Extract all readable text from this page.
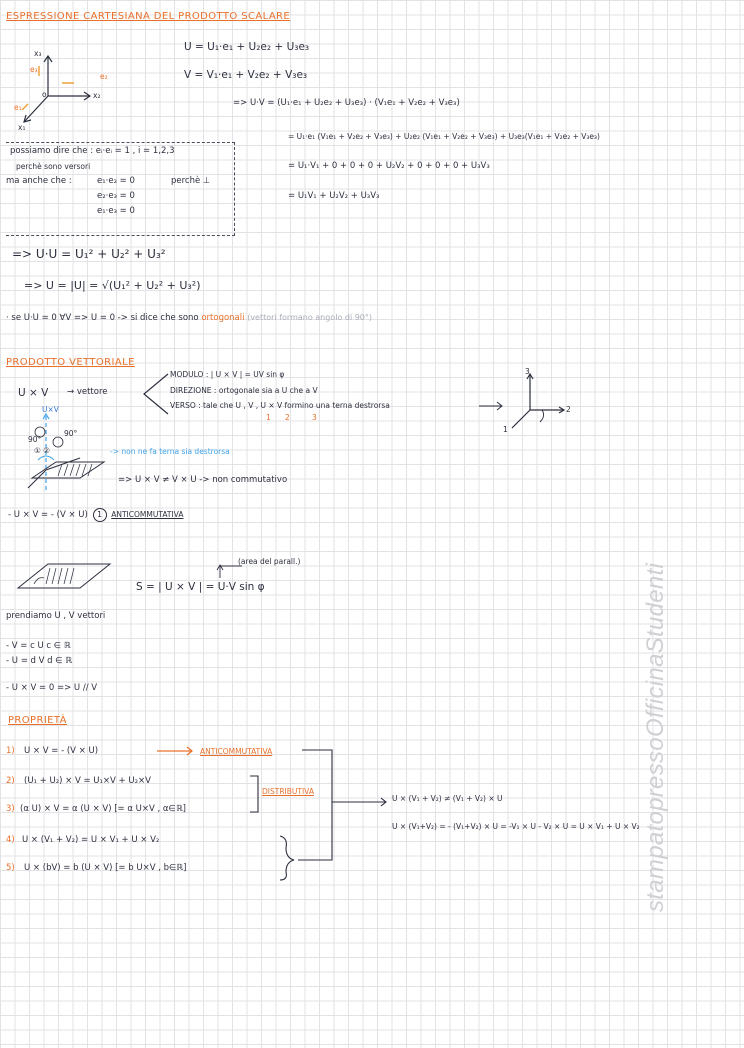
ESPRESSIONE CARTESIANA DEL PRODOTTO SCALARE
x₃
x₂
x₁
o
e₃
e₂
e₁
U = U₁·e₁ + U₂e₂ + U₃e₃
V = V₁·e₁ + V₂e₂ + V₃e₃
=> U·V = (U₁·e₁ + U₂e₂ + U₃e₃) · (V₁e₁ + V₂e₂ + V₃e₃)
= U₁·e₁ (V₁e₁ + V₂e₂ + V₃e₃) + U₂e₂ (V₁e₁ + V₂e₂ + V₃e₃) + U₃e₃(V₁e₁ + V₂e₂ + V₃e₃)
= U₁·V₁ + 0 + 0 + 0 + U₂V₂ + 0 + 0 + 0 + U₃V₃
= U₁V₁ + U₂V₂ + U₃V₃
possiamo dire che : eᵢ·eᵢ = 1 , i = 1,2,3
perchè sono versori
ma anche che :	e₁·e₂ = 0	perchè ⊥
e₂·e₃ = 0
e₁·e₃ = 0
=> U·U = U₁² + U₂² + U₃²
=> U = |U| = √(U₁² + U₂² + U₃²)
· se U·U = 0 ∀V => U = 0 -> si dice che sono ortogonali (vettori formano angolo di 90°)
PRODOTTO VETTORIALE
U × V → vettore
MODULO : | U × V | = UV sin φ
DIREZIONE : ortogonale sia a U che a V
VERSO : tale che U , V , U × V formino una terna destrorsa
1 2	3
3
2
1
U×V
90°
90°
① ②	-> non ne fa terna sia destrorsa
=> U × V ≠ V × U -> non commutativo
- U × V = - (V × U) 1 ANTICOMMUTATIVA
(area del parall.)
S = | U × V | = U·V sin φ
prendiamo U , V vettori
- V = c U c ∈ ℝ
- U = d V d ∈ ℝ
- U × V = 0 => U // V
PROPRIETÀ
1) U × V = - (V × U)	ANTICOMMUTATIVA
2) (U₁ + U₂) × V = U₁×V + U₂×V
3) (α U) × V = α (U × V) [= α U×V , α∈ℝ]
4) U × (V₁ + V₂) = U × V₁ + U × V₂
5) U × (bV) = b (U × V) [= b U×V , b∈ℝ]
DISTRIBUTIVA
U × (V₁ + V₂) ≠ (V₁ + V₂) × U
U × (V₁+V₂) = - (V₁+V₂) × U = -V₁ × U - V₂ × U = U × V₁ + U × V₂ stampatopressoOfficinaStudenti
